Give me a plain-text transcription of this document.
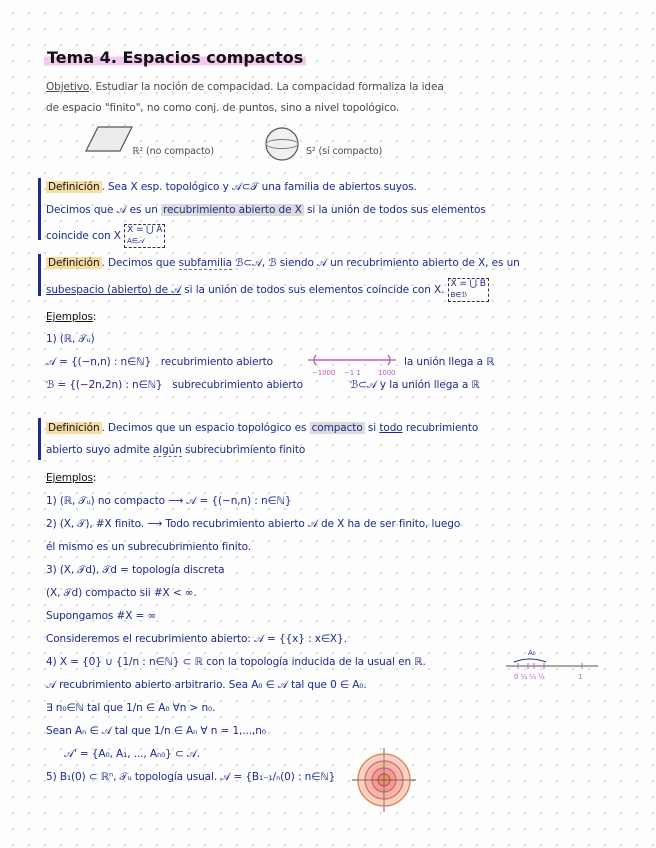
Tema 4. Espacios compactos
Objetivo. Estudiar la noción de compacidad. La compacidad formaliza la idea
de espacio "finito", no como conj. de puntos, sino a nivel topológico.
ℝ² (no compacto)	S² (sí compacto)
Definición . Sea X esp. topológico y 𝒜⊂𝒯 una familia de abiertos suyos.
Decimos que 𝒜 es un recubrimiento abierto de X si la unión de todos sus elementos
coincide con X X = ⋃ A
A∈𝒜
Definición . Decimos que subfamilia ℬ⊂𝒜, ℬ siendo 𝒜 un recubrimiento abierto de X, es un
subespacio (abierto) de 𝒜 si la unión de todos sus elementos coincide con X. X = ⋃ B
B∈ℬ
Ejemplos:
1) (ℝ, 𝒯ᵤ)
𝒜 = {(−n,n) : n∈ℕ} recubrimiento abierto
−1000 −1 1 1000
la unión llega a ℝ
ℬ = {(−2n,2n) : n∈ℕ} subrecubrimiento abierto	ℬ⊂𝒜 y la unión llega a ℝ
Definición . Decimos que un espacio topológico es compacto si todo recubrimiento
abierto suyo admite algún subrecubrimiento finito
Ejemplos:
1) (ℝ, 𝒯ᵤ) no compacto ⟶ 𝒜 = {(−n,n) : n∈ℕ}
2) (X, 𝒯), #X finito. ⟶ Todo recubrimiento abierto 𝒜 de X ha de ser finito, luego
él mismo es un subrecubrimiento finito.
3) (X, 𝒯d), 𝒯d = topología discreta
(X, 𝒯d) compacto sii #X < ∞.
Supongamos #X = ∞
Consideremos el recubrimiento abierto: 𝒜 = {{x} : x∈X}.
4) X = {0} ∪ {1/n : n∈ℕ} ⊂ ℝ con la topología inducida de la usual en ℝ.
A₀
0 ¼ ⅓ ½	1
𝒜 recubrimiento abierto arbitrario. Sea A₀ ∈ 𝒜 tal que 0 ∈ A₀.
∃ n₀∈ℕ tal que 1/n ∈ A₀ ∀n > n₀.
Sean Aₙ ∈ 𝒜 tal que 1/n ∈ Aₙ ∀ n = 1,...,n₀
𝒜' = {A₀, A₁, ..., Aₙ₀} ⊂ 𝒜.
5) B₁(0) ⊂ ℝⁿ, 𝒯ᵤ topología usual. 𝒜 = {B₁₋₁/ₙ(0) : n∈ℕ}
